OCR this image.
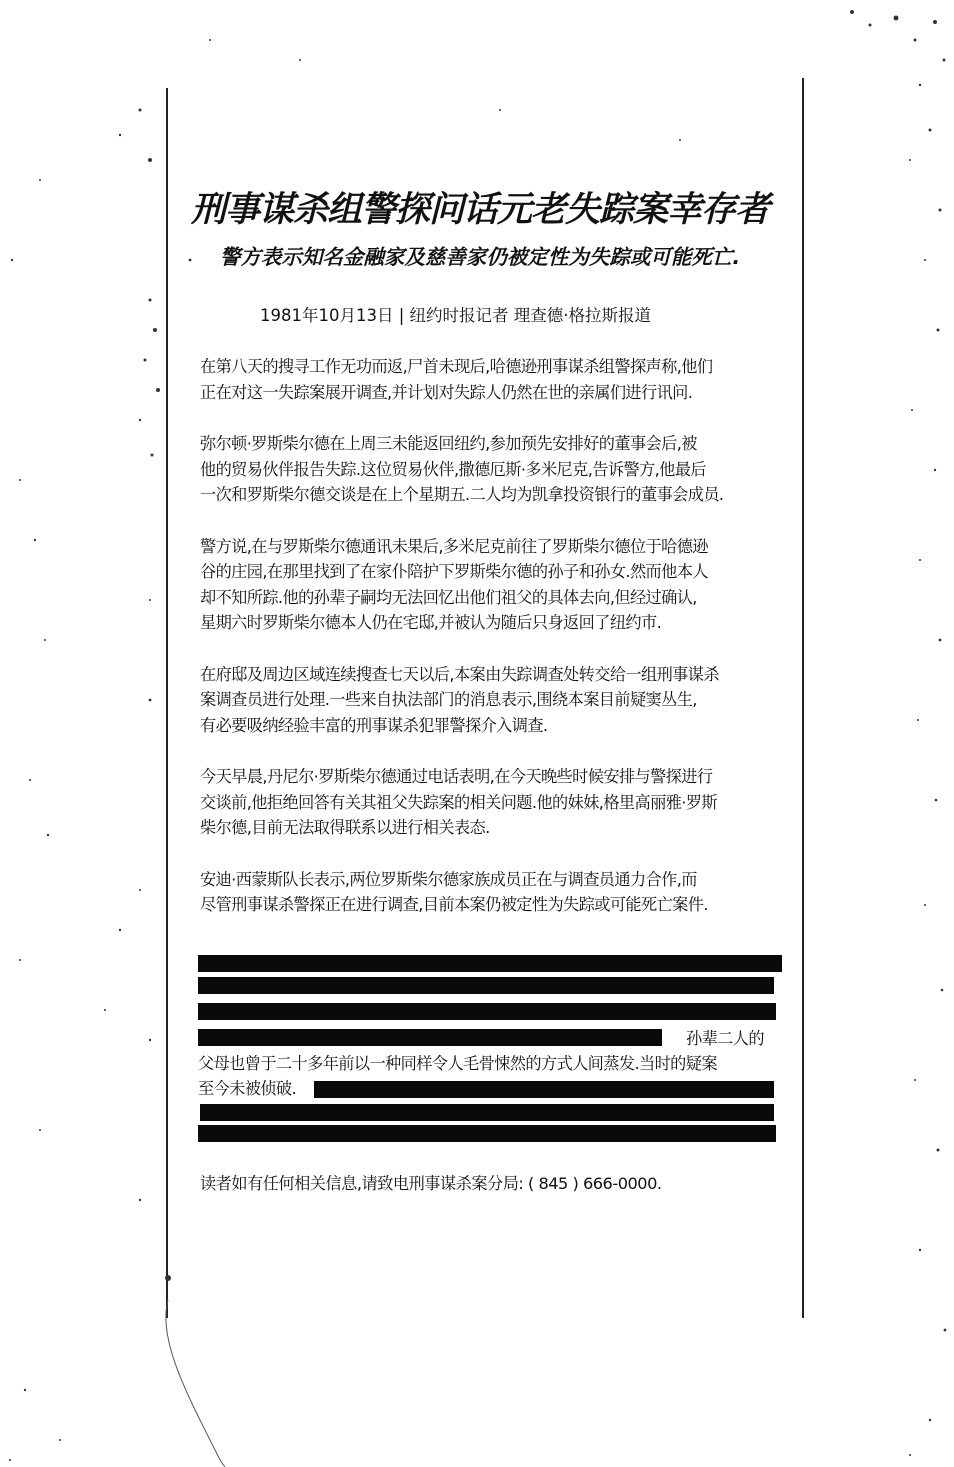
刑事谋杀组警探问话元老失踪案幸存者
警方表示知名金融家及慈善家仍被定性为失踪或可能死亡.

1981年10月13日 | 纽约时报记者 理查德·格拉斯报道

在第八天的搜寻工作无功而返,尸首未现后,哈德逊刑事谋杀组警探声称,他们
正在对这一失踪案展开调查,并计划对失踪人仍然在世的亲属们进行讯问.

弥尔顿·罗斯柴尔德在上周三未能返回纽约,参加预先安排好的董事会后,被
他的贸易伙伴报告失踪.这位贸易伙伴,撒德厄斯·多米尼克,告诉警方,他最后
一次和罗斯柴尔德交谈是在上个星期五.二人均为凯拿投资银行的董事会成员.

警方说,在与罗斯柴尔德通讯未果后,多米尼克前往了罗斯柴尔德位于哈德逊
谷的庄园,在那里找到了在家仆陪护下罗斯柴尔德的孙子和孙女.然而他本人
却不知所踪.他的孙辈子嗣均无法回忆出他们祖父的具体去向,但经过确认,
星期六时罗斯柴尔德本人仍在宅邸,并被认为随后只身返回了纽约市.

在府邸及周边区域连续搜查七天以后,本案由失踪调查处转交给一组刑事谋杀
案调查员进行处理.一些来自执法部门的消息表示,围绕本案目前疑窦丛生,
有必要吸纳经验丰富的刑事谋杀犯罪警探介入调查.

今天早晨,丹尼尔·罗斯柴尔德通过电话表明,在今天晚些时候安排与警探进行
交谈前,他拒绝回答有关其祖父失踪案的相关问题.他的妹妹,格里高丽雅·罗斯
柴尔德,目前无法取得联系以进行相关表态.

安迪·西蒙斯队长表示,两位罗斯柴尔德家族成员正在与调查员通力合作,而
尽管刑事谋杀警探正在进行调查,目前本案仍被定性为失踪或可能死亡案件.

孙辈二人的
父母也曾于二十多年前以一种同样令人毛骨悚然的方式人间蒸发.当时的疑案
至今未被侦破.

读者如有任何相关信息,请致电刑事谋杀案分局: ( 845 ) 666-0000.
